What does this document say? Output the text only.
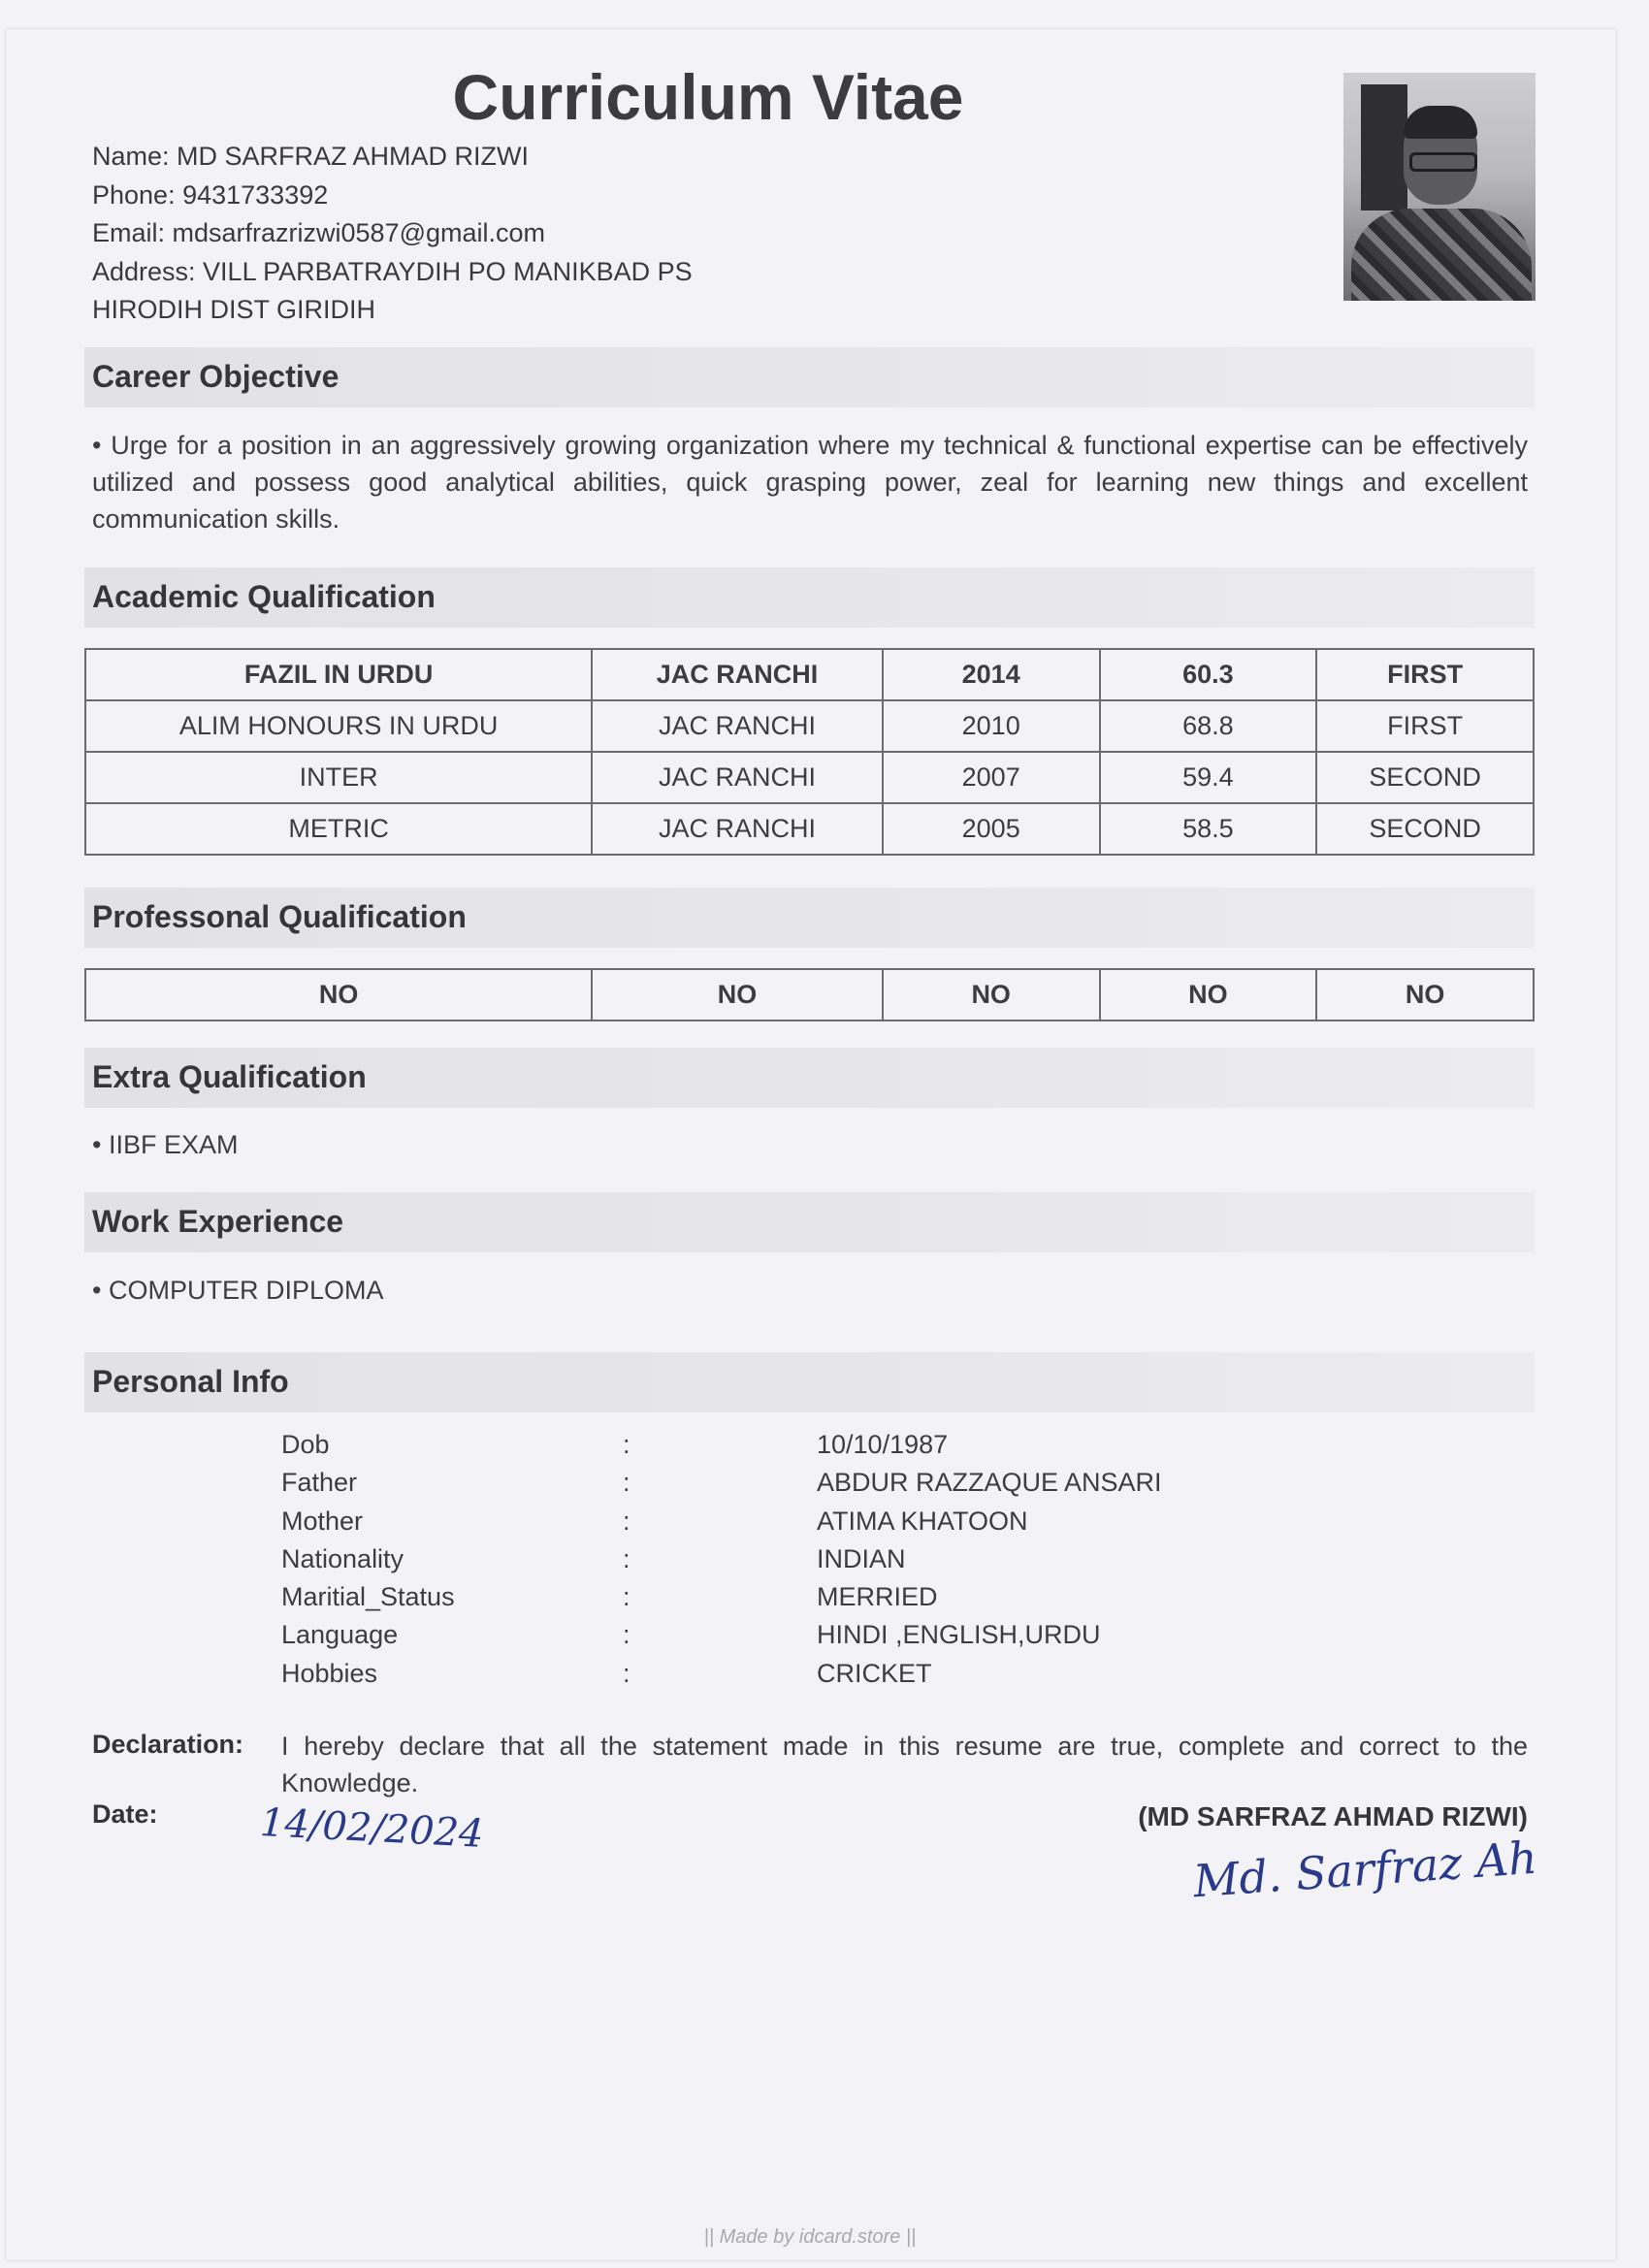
Curriculum Vitae
Name: MD SARFRAZ AHMAD RIZWI
Phone: 9431733392
Email: mdsarfrazrizwi0587@gmail.com
Address: VILL PARBATRAYDIH PO MANIKBAD PS
HIRODIH DIST GIRIDIH
Career Objective
• Urge for a position in an aggressively growing organization where my technical & functional expertise can be effectively utilized and possess good analytical abilities, quick grasping power, zeal for learning new things and excellent communication skills.
Academic Qualification
FAZIL IN URDU	JAC RANCHI	2014	60.3	FIRST
ALIM HONOURS IN URDU	JAC RANCHI	2010	68.8	FIRST
INTER	JAC RANCHI	2007	59.4	SECOND
METRIC	JAC RANCHI	2005	58.5	SECOND
Professonal Qualification
NO	NO	NO	NO	NO
Extra Qualification
• IIBF EXAM
Work Experience
• COMPUTER DIPLOMA
Personal Info
Dob	:	10/10/1987
Father	:	ABDUR RAZZAQUE ANSARI
Mother	:	ATIMA KHATOON
Nationality	:	INDIAN
Maritial_Status	:	MERRIED
Language	:	HINDI ,ENGLISH,URDU
Hobbies	:	CRICKET
Declaration: I hereby declare that all the statement made in this resume are true, complete and correct to the Knowledge.
Date:	14/02/2024	(MD SARFRAZ AHMAD RIZWI)
Md. Sarfraz Ah
|| Made by idcard.store ||
